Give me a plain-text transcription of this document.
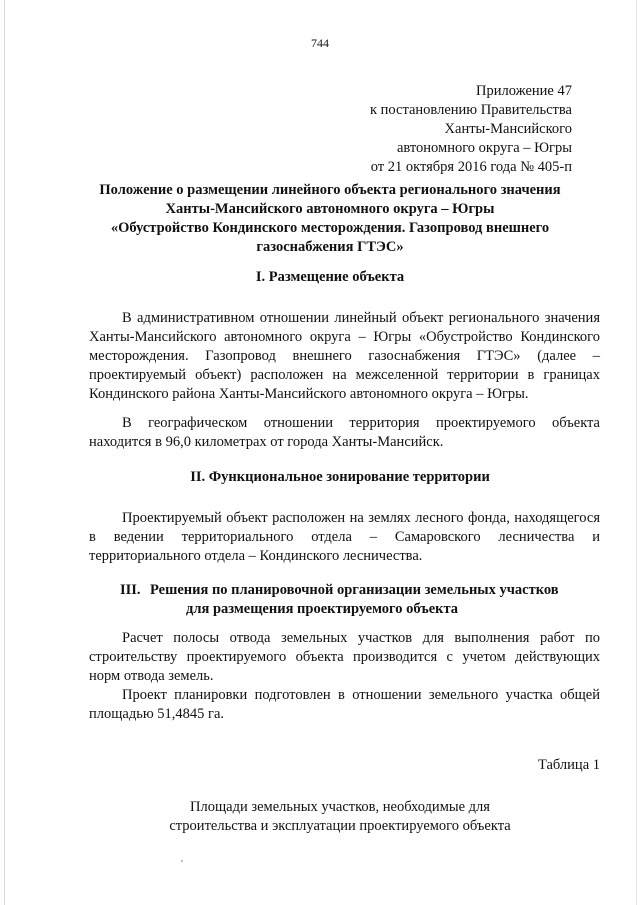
744
Приложение 47
к постановлению Правительства
Ханты-Мансийского
автономного округа – Югры
от 21 октября 2016 года № 405-п
Положение о размещении линейного объекта регионального значения
Ханты-Мансийского автономного округа – Югры
«Обустройство Кондинского месторождения. Газопровод внешнего
газоснабжения ГТЭС»
I. Размещение объекта

В административном отношении линейный объект регионального значения Ханты-Мансийского автономного округа – Югры «Обустройство Кондинского месторождения. Газопровод внешнего газоснабжения ГТЭС» (далее – проектируемый объект) расположен на межселенной территории в границах Кондинского района Ханты-Мансийского автономного округа – Югры.

В географическом отношении территория проектируемого объекта находится в 96,0 километрах от города Ханты-Мансийск.

II. Функциональное зонирование территории

Проектируемый объект расположен на землях лесного фонда, находящегося в ведении территориального отдела – Самаровского лесничества и территориального отдела – Кондинского лесничества.

III. Решения по планировочной организации земельных участков
для размещения проектируемого объекта

Расчет полосы отвода земельных участков для выполнения работ по строительству проектируемого объекта производится с учетом действующих норм отвода земель.

Проект планировки подготовлен в отношении земельного участка общей площадью 51,4845 га.

Таблица 1
Площади земельных участков, необходимые для
строительства и эксплуатации проектируемого объекта
